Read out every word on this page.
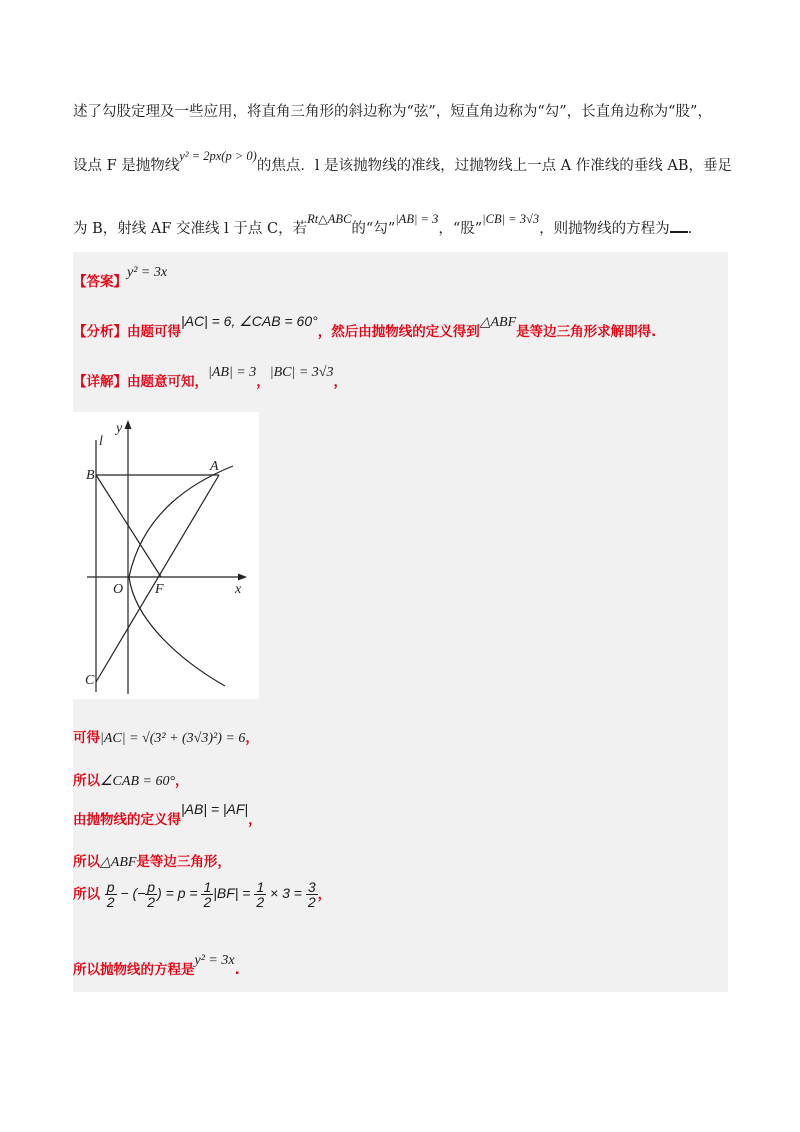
述了勾股定理及一些应用，将直角三角形的斜边称为“弦”，短直角边称为“勾”，长直角边称为“股”，
设点 F 是抛物线y² = 2px(p > 0)的焦点．l 是该抛物线的准线，过抛物线上一点 A 作准线的垂线 AB，垂足
为 B，射线 AF 交准线 l 于点 C，若Rt△ABC的“勾”|AB| = 3，“股”|CB| = 3√3，则抛物线的方程为 .
【答案】y² = 3x
【分析】由题可得|AC| = 6, ∠CAB = 60°，然后由抛物线的定义得到△ABF是等边三角形求解即得.
【详解】由题意可知，|AB| = 3，|BC| = 3√3，
l
y
B
A
O F	x
C
可得|AC| = √(3² + (3√3)²) = 6，
所以∠CAB = 60°，
由抛物线的定义得|AB| = |AF|，
所以△ABF是等边三角形，
所以 $\frac{p}{2}$ − (− $\frac{p}{2}$ ) = $p = \frac{1}{2} |BF| = \frac{1}{2} \times 3 = \frac{3}{2}$ ，
所以抛物线的方程是y² = 3x.
